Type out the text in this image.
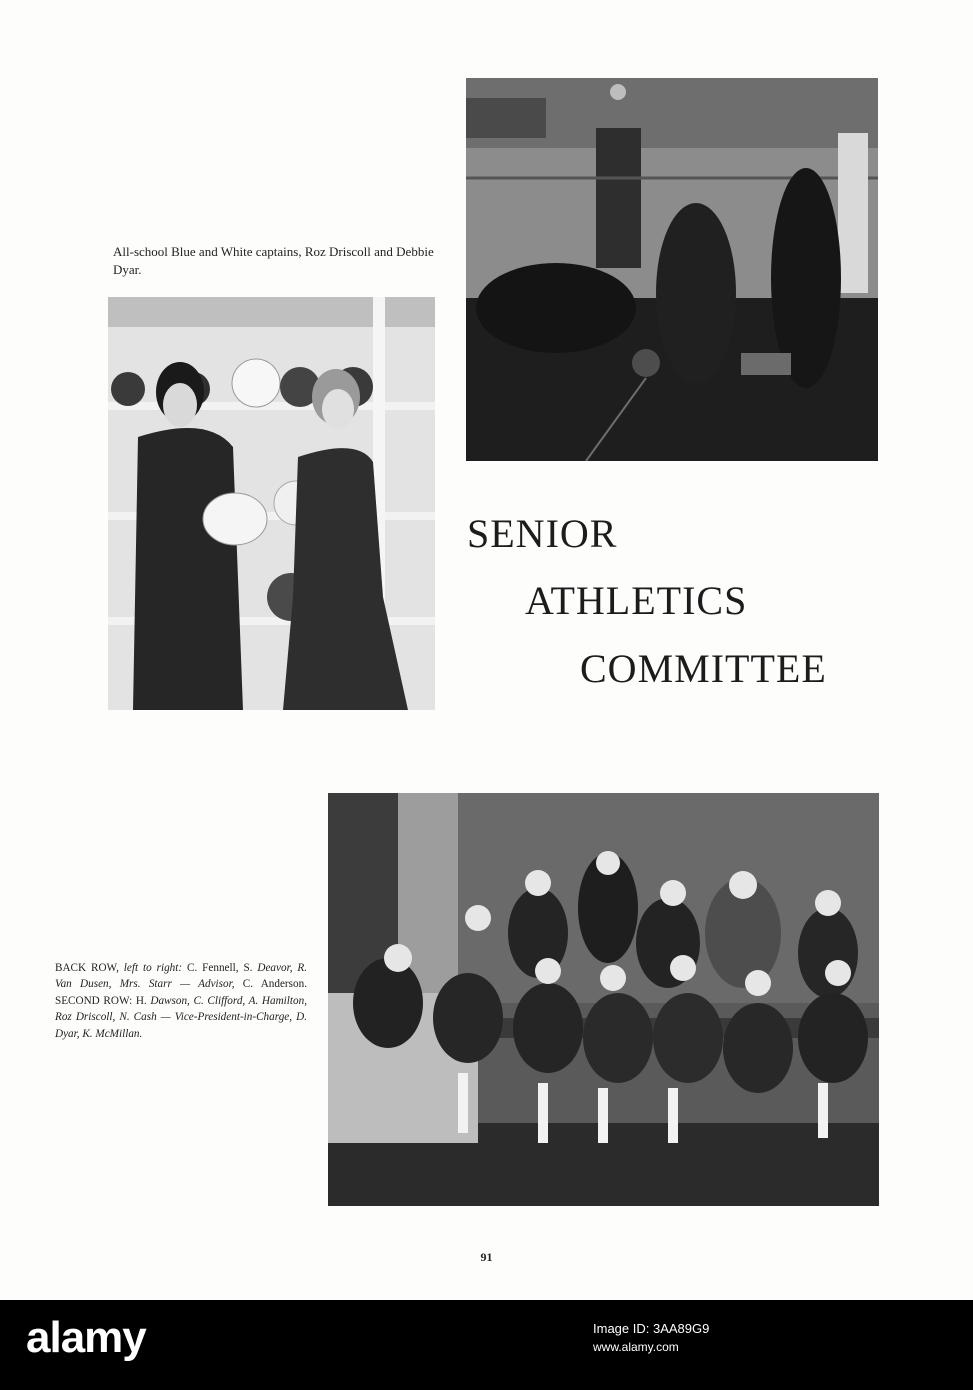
All-school Blue and White captains, Roz Driscoll and Debbie Dyar.
SENIOR
ATHLETICS
COMMITTEE
BACK ROW, left to right: C. Fennell, S. Deavor, R. Van Dusen, Mrs. Starr — Advisor, C. Anderson. SECOND ROW: H. Dawson, C. Clifford, A. Hamilton, Roz Driscoll, N. Cash — Vice-President-in-Charge, D. Dyar, K. McMillan.
91
alamy	Image ID: 3AA89G9
www.alamy.com
